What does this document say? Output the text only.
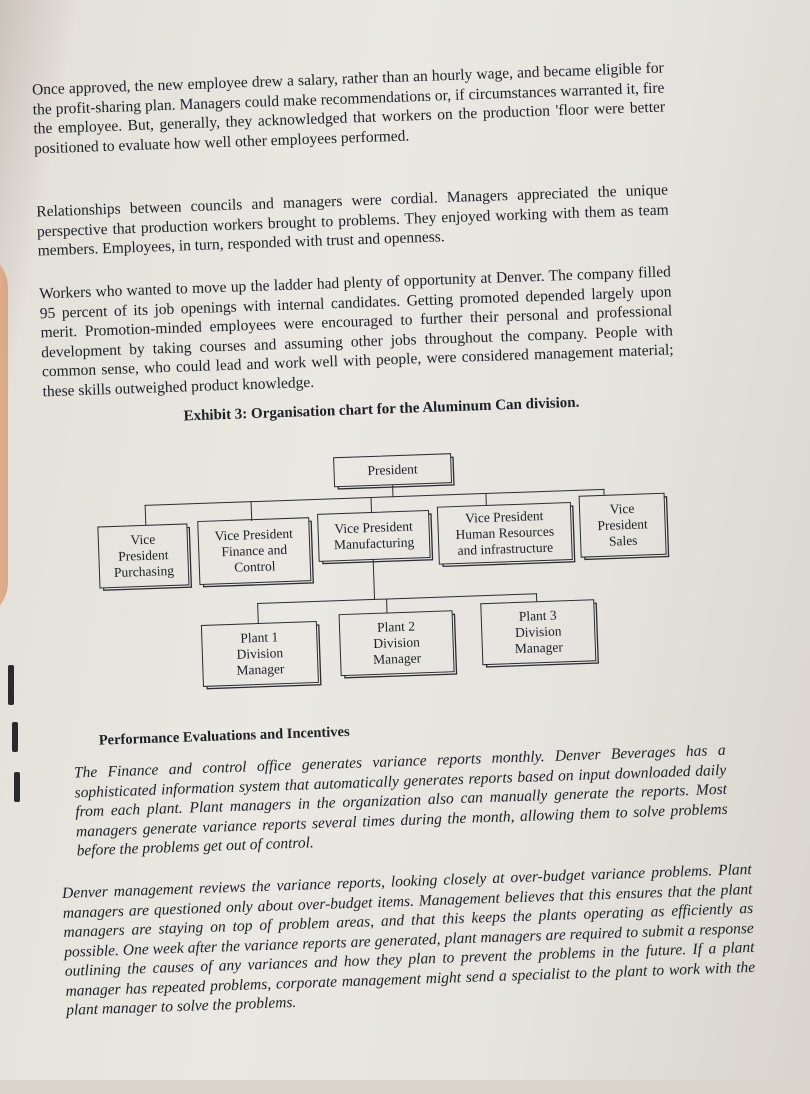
Once approved, the new employee drew a salary, rather than an hourly wage, and became eligible for the profit-sharing plan. Managers could make recommendations or, if circumstances warranted it, fire the employee. But, generally, they acknowledged that workers on the production 'floor were better positioned to evaluate how well other employees performed.

Relationships between councils and managers were cordial. Managers appreciated the unique perspective that production workers brought to problems. They enjoyed working with them as team members. Employees, in turn, responded with trust and openness.

Workers who wanted to move up the ladder had plenty of opportunity at Denver. The company filled 95 percent of its job openings with internal candidates. Getting promoted depended largely upon merit. Promotion-minded employees were encouraged to further their personal and professional development by taking courses and assuming other jobs throughout the company. People with common sense, who could lead and work well with people, were considered management material; these skills outweighed product knowledge.

Exhibit 3: Organisation chart for the Aluminum Can division.
President
Vice
President
Purchasing
Vice President
Finance and
Control
Vice President
Manufacturing
Vice President
Human Resources
and infrastructure
Vice
President
Sales
Plant 1
Division
Manager
Plant 2
Division
Manager
Plant 3
Division
Manager
Performance Evaluations and Incentives

The Finance and control office generates variance reports monthly. Denver Beverages has a sophisticated information system that automatically generates reports based on input downloaded daily from each plant. Plant managers in the organization also can manually generate the reports. Most managers generate variance reports several times during the month, allowing them to solve problems before the problems get out of control.

Denver management reviews the variance reports, looking closely at over-budget variance problems. Plant managers are questioned only about over-budget items. Management believes that this ensures that the plant managers are staying on top of problem areas, and that this keeps the plants operating as efficiently as possible. One week after the variance reports are generated, plant managers are required to submit a response outlining the causes of any variances and how they plan to prevent the problems in the future. If a plant manager has repeated problems, corporate management might send a specialist to the plant to work with the plant manager to solve the problems.
